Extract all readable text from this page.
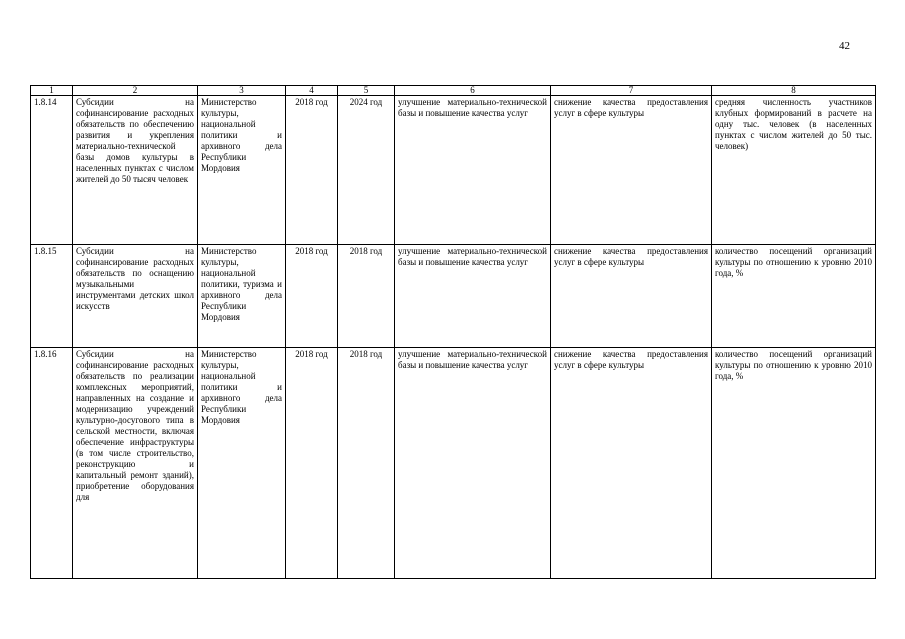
42
1	2	3	4	5	6	7	8
1.8.14	Субсидии на софинансирование расходных обязательств по обеспечению развития и укрепления материально-технической базы домов культуры в населенных пунктах с числом жителей до 50 тысяч человек	Министерство культуры, национальной политики и архивного дела Республики Мордовия	2018 год	2024 год	улучшение материально-технической базы и повышение качества услуг	снижение качества предоставления услуг в сфере культуры	средняя численность участников клубных формирований в расчете на одну тыс. человек (в населенных пунктах с числом жителей до 50 тыс. человек)
1.8.15	Субсидии на софинансирование расходных обязательств по оснащению музыкальными инструментами детских школ искусств	Министерство культуры, национальной политики, туризма и архивного дела Республики Мордовия	2018 год	2018 год	улучшение материально-технической базы и повышение качества услуг	снижение качества предоставления услуг в сфере культуры	количество посещений организаций культуры по отношению к уровню 2010 года, %
1.8.16	Субсидии на софинансирование расходных обязательств по реализации комплексных мероприятий, направленных на создание и модернизацию учреждений культурно-досугового типа в сельской местности, включая обеспечение инфраструктуры (в том числе строительство, реконструкцию и капитальный ремонт зданий), приобретение оборудования для	Министерство культуры, национальной политики и архивного дела Республики Мордовия	2018 год	2018 год	улучшение материально-технической базы и повышение качества услуг	снижение качества предоставления услуг в сфере культуры	количество посещений организаций культуры по отношению к уровню 2010 года, %
